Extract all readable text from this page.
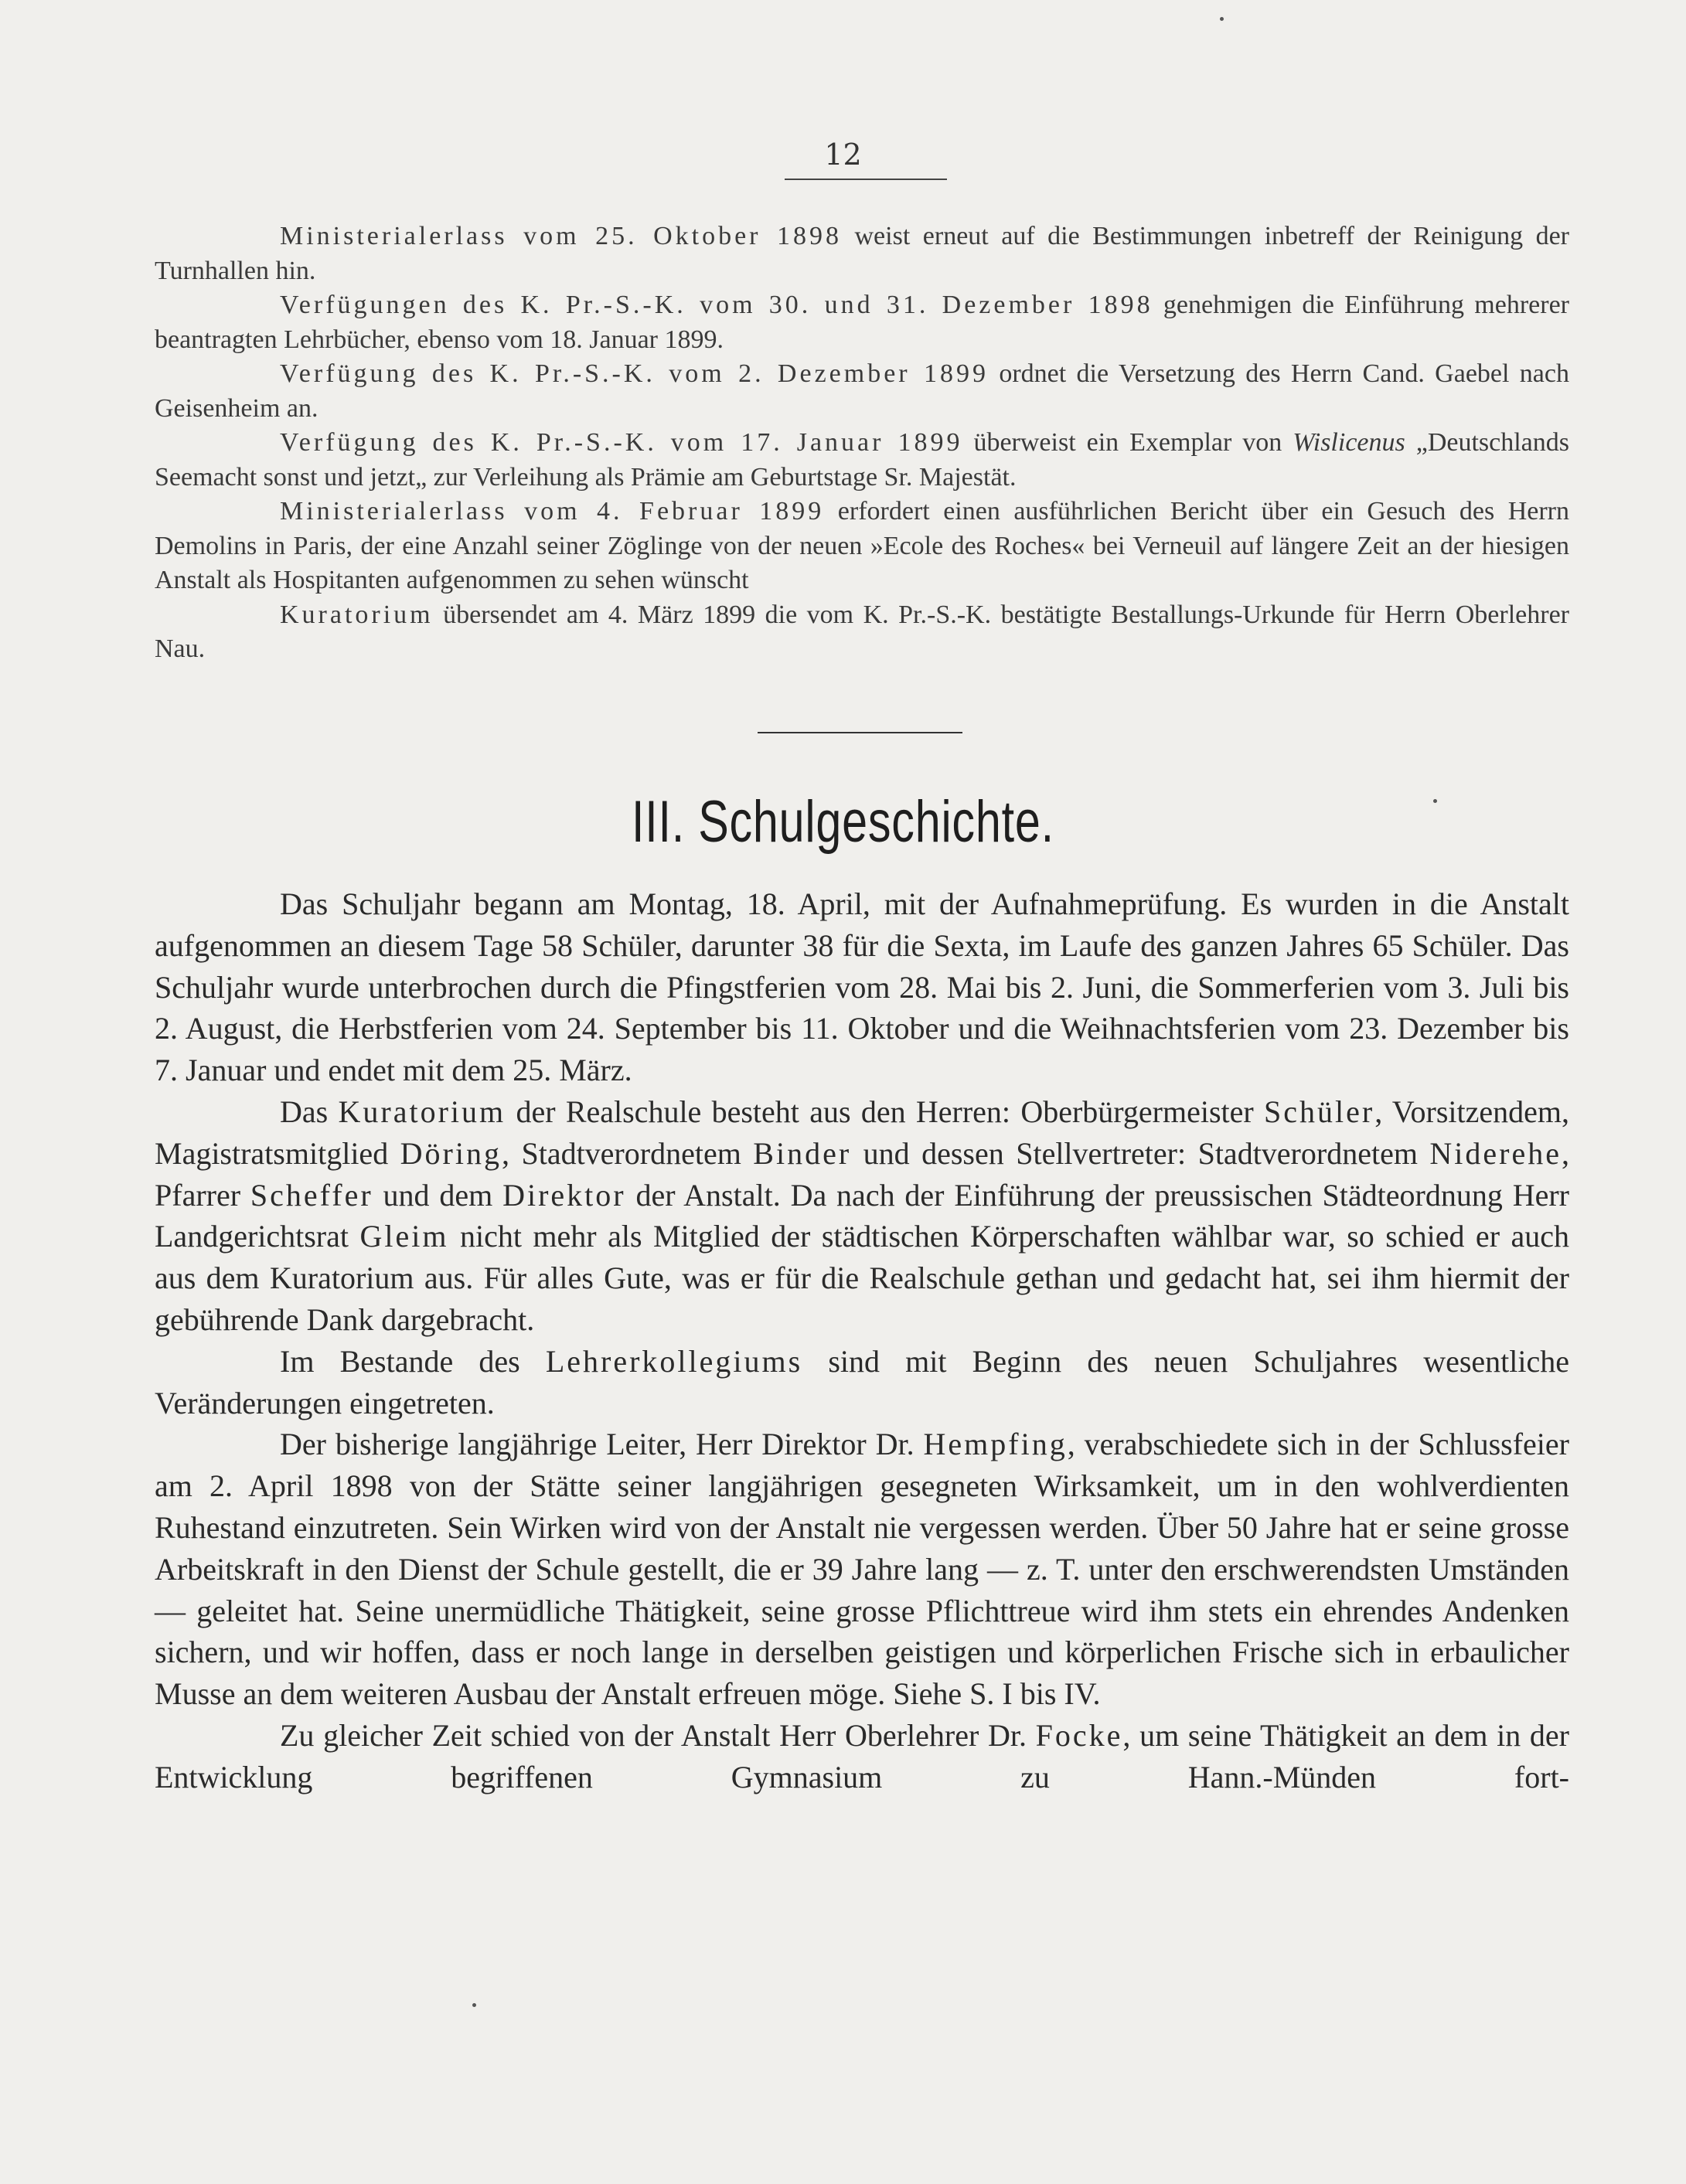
12

Ministerialerlass vom 25. Oktober 1898 weist erneut auf die Bestimmungen inbetreff der Reinigung der Turnhallen hin.

Verfügungen des K. Pr.-S.-K. vom 30. und 31. Dezember 1898 genehmigen die Einführung mehrerer beantragten Lehrbücher, ebenso vom 18. Januar 1899.

Verfügung des K. Pr.-S.-K. vom 2. Dezember 1899 ordnet die Versetzung des Herrn Cand. Gaebel nach Geisenheim an.

Verfügung des K. Pr.-S.-K. vom 17. Januar 1899 überweist ein Exemplar von Wislicenus „Deutschlands Seemacht sonst und jetzt„ zur Verleihung als Prämie am Geburtstage Sr. Majestät.

Ministerialerlass vom 4. Februar 1899 erfordert einen ausführlichen Bericht über ein Gesuch des Herrn Demolins in Paris, der eine Anzahl seiner Zöglinge von der neuen »Ecole des Roches« bei Verneuil auf längere Zeit an der hiesigen Anstalt als Hospitanten aufgenommen zu sehen wünscht

Kuratorium übersendet am 4. März 1899 die vom K. Pr.-S.-K. bestätigte Bestallungs-Urkunde für Herrn Oberlehrer Nau.

III. Schulgeschichte.

Das Schuljahr begann am Montag, 18. April, mit der Aufnahmeprüfung. Es wurden in die Anstalt aufgenommen an diesem Tage 58 Schüler, darunter 38 für die Sexta, im Laufe des ganzen Jahres 65 Schüler. Das Schuljahr wurde unterbrochen durch die Pfingstferien vom 28. Mai bis 2. Juni, die Sommerferien vom 3. Juli bis 2. August, die Herbstferien vom 24. September bis 11. Oktober und die Weihnachtsferien vom 23. Dezember bis 7. Januar und endet mit dem 25. März.

Das Kuratorium der Realschule besteht aus den Herren: Oberbürgermeister Schüler, Vorsitzendem, Magistratsmitglied Döring, Stadtverordnetem Binder und dessen Stellvertreter: Stadtverordnetem Niderehe, Pfarrer Scheffer und dem Direktor der Anstalt. Da nach der Einführung der preussischen Städteordnung Herr Landgerichtsrat Gleim nicht mehr als Mitglied der städtischen Körperschaften wählbar war, so schied er auch aus dem Kuratorium aus. Für alles Gute, was er für die Realschule gethan und gedacht hat, sei ihm hiermit der gebührende Dank dargebracht.

Im Bestande des Lehrerkollegiums sind mit Beginn des neuen Schuljahres wesentliche Veränderungen eingetreten.

Der bisherige langjährige Leiter, Herr Direktor Dr. Hempfing, verabschiedete sich in der Schlussfeier am 2. April 1898 von der Stätte seiner langjährigen gesegneten Wirksamkeit, um in den wohlverdienten Ruhestand einzutreten. Sein Wirken wird von der Anstalt nie vergessen werden. Über 50 Jahre hat er seine grosse Arbeitskraft in den Dienst der Schule gestellt, die er 39 Jahre lang — z. T. unter den erschwerendsten Umständen — geleitet hat. Seine unermüdliche Thätigkeit, seine grosse Pflichttreue wird ihm stets ein ehrendes Andenken sichern, und wir hoffen, dass er noch lange in derselben geistigen und körperlichen Frische sich in erbaulicher Musse an dem weiteren Ausbau der Anstalt erfreuen möge. Siehe S. I bis IV.

Zu gleicher Zeit schied von der Anstalt Herr Oberlehrer Dr. Focke, um seine Thätigkeit an dem in der Entwicklung begriffenen Gymnasium zu Hann.-Münden fort-
